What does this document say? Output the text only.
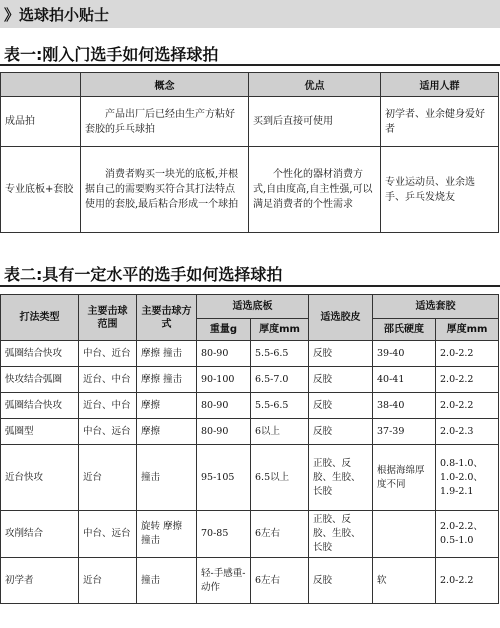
》选球拍小贴士
表一:刚入门选手如何选择球拍
	概念	优点	适用人群
成品拍	产品出厂后已经由生产方粘好套胶的乒乓球拍	买到后直接可使用	初学者、业余健身爱好者
专业底板+套胶	消费者购买一块光的底板,并根据自己的需要购买符合其打法特点使用的套胶,最后粘合形成一个球拍	个性化的器材消费方式,自由度高,自主性强,可以满足消费者的个性需求	专业运动员、业余选手、乒乓发烧友
表二:具有一定水平的选手如何选择球拍
打法类型	主要击球范围	主要击球方式	适选底板		适选胶皮	适选套胶	
			重量g	厚度mm		邵氏硬度	厚度mm
弧圈结合快攻	中台、近台	摩擦 撞击	80-90	5.5-6.5	反胶	39-40	2.0-2.2
快攻结合弧圈	近台、中台	摩擦 撞击	90-100	6.5-7.0	反胶	40-41	2.0-2.2
弧圈结合快攻	近台、中台	摩擦	80-90	5.5-6.5	反胶	38-40	2.0-2.2
弧圈型	中台、远台	摩擦	80-90	6以上	反胶	37-39	2.0-2.3
近台快攻	近台	撞击	95-105	6.5以上	正胶、反胶、生胶、长胶	根据海绵厚度不同	0.8-1.0、1.0-2.0、1.9-2.1
攻削结合	中台、远台	旋转 摩擦 撞击	70-85	6左右	正胶、反胶、生胶、长胶		2.0-2.2、0.5-1.0
初学者	近台	撞击	轻-手感重-动作	6左右	反胶	软	2.0-2.2
